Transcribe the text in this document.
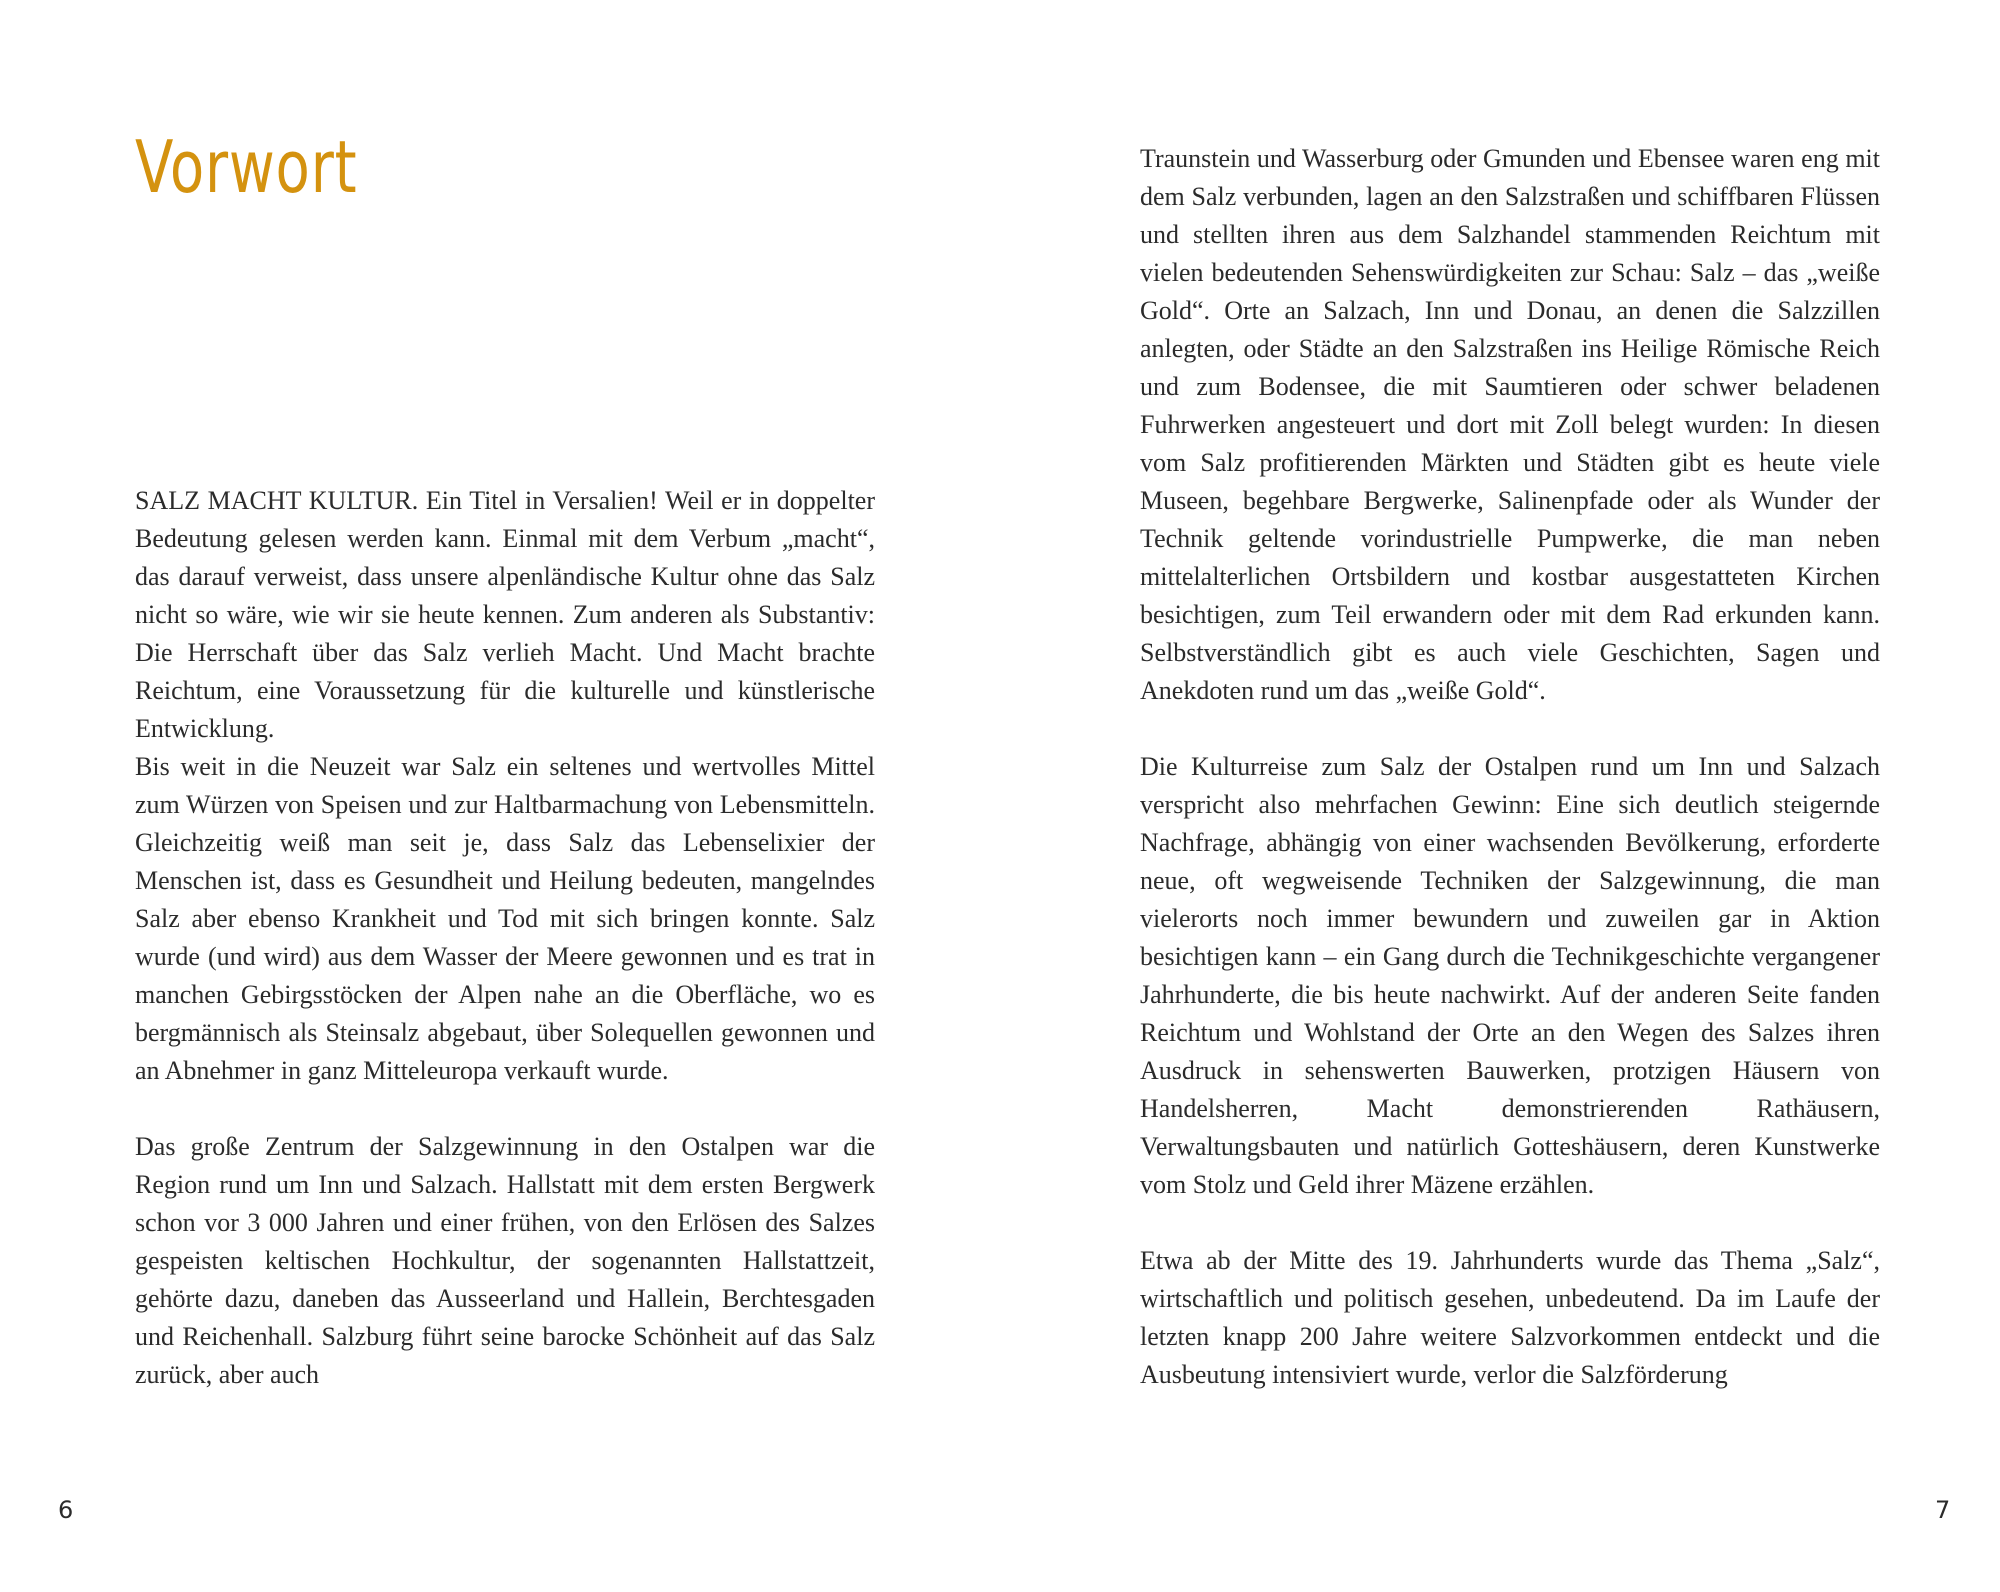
Vorwort

SALZ MACHT KULTUR. Ein Titel in Versalien! Weil er in doppelter Bedeutung gelesen werden kann. Einmal mit dem Verbum „macht“, das darauf verweist, dass unsere alpenländische Kultur ohne das Salz nicht so wäre, wie wir sie heute kennen. Zum anderen als Substantiv: Die Herrschaft über das Salz verlieh Macht. Und Macht brachte Reichtum, eine Voraussetzung für die kulturelle und künstlerische Entwicklung.

Bis weit in die Neuzeit war Salz ein seltenes und wertvolles Mittel zum Würzen von Speisen und zur Haltbarmachung von Lebensmitteln. Gleichzeitig weiß man seit je, dass Salz das Lebenselixier der Menschen ist, dass es Gesundheit und Heilung bedeuten, mangelndes Salz aber ebenso Krankheit und Tod mit sich bringen konnte. Salz wurde (und wird) aus dem Wasser der Meere gewonnen und es trat in manchen Gebirgsstöcken der Alpen nahe an die Oberfläche, wo es bergmännisch als Steinsalz abgebaut, über Solequellen gewonnen und an Abnehmer in ganz Mitteleuropa verkauft wurde.

Das große Zentrum der Salzgewinnung in den Ostalpen war die Region rund um Inn und Salzach. Hallstatt mit dem ersten Bergwerk schon vor 3 000 Jahren und einer frühen, von den Erlösen des Salzes gespeisten keltischen Hochkultur, der sogenannten Hallstattzeit, gehörte dazu, daneben das Ausseerland und Hallein, Berchtesgaden und Reichenhall. Salzburg führt seine barocke Schönheit auf das Salz zurück, aber auch

6

Traunstein und Wasserburg oder Gmunden und Ebensee waren eng mit dem Salz verbunden, lagen an den Salzstraßen und schiffbaren Flüssen und stellten ihren aus dem Salzhandel stammenden Reichtum mit vielen bedeutenden Sehenswürdigkeiten zur Schau: Salz – das „weiße Gold“. Orte an Salzach, Inn und Donau, an denen die Salzzillen anlegten, oder Städte an den Salzstraßen ins Heilige Römische Reich und zum Bodensee, die mit Saumtieren oder schwer beladenen Fuhrwerken angesteuert und dort mit Zoll belegt wurden: In diesen vom Salz profitierenden Märkten und Städten gibt es heute viele Museen, begehbare Bergwerke, Salinenpfade oder als Wunder der Technik geltende vorindustrielle Pumpwerke, die man neben mittelalterlichen Ortsbildern und kostbar ausgestatteten Kirchen besichtigen, zum Teil erwandern oder mit dem Rad erkunden kann. Selbstverständlich gibt es auch viele Geschichten, Sagen und Anekdoten rund um das „weiße Gold“.

Die Kulturreise zum Salz der Ostalpen rund um Inn und Salzach verspricht also mehrfachen Gewinn: Eine sich deutlich steigernde Nachfrage, abhängig von einer wachsenden Bevölkerung, erforderte neue, oft wegweisende Techniken der Salzgewinnung, die man vielerorts noch immer bewundern und zuweilen gar in Aktion besichtigen kann – ein Gang durch die Technikgeschichte vergangener Jahrhunderte, die bis heute nachwirkt. Auf der anderen Seite fanden Reichtum und Wohlstand der Orte an den Wegen des Salzes ihren Ausdruck in sehenswerten Bauwerken, protzigen Häusern von Handelsherren, Macht demonstrierenden Rathäusern, Verwaltungsbauten und natürlich Gotteshäusern, deren Kunstwerke vom Stolz und Geld ihrer Mäzene erzählen.

Etwa ab der Mitte des 19. Jahrhunderts wurde das Thema „Salz“, wirtschaftlich und politisch gesehen, unbedeutend. Da im Laufe der letzten knapp 200 Jahre weitere Salzvorkommen entdeckt und die Ausbeutung intensiviert wurde, verlor die Salzförderung

7
